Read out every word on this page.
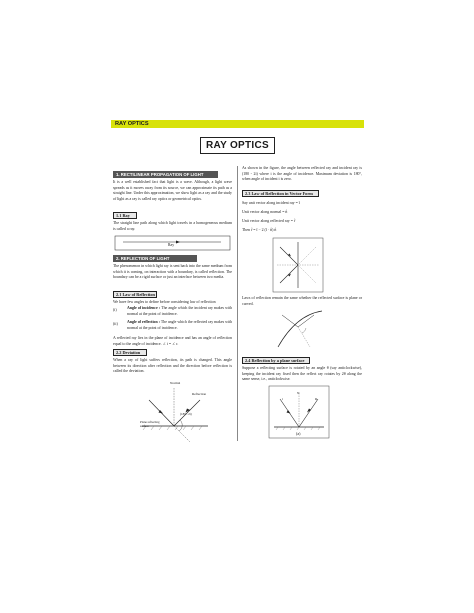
RAY OPTICS
RAY OPTICS
1. RECTILINEAR PROPAGATION OF LIGHT

It is a well established fact that light is a wave. Although, a light wave spreads as it moves away from its source, we can approximate its path as a straight line. Under this approximation, we show light as a ray and the study of light as a ray is called ray optics or geometrical optics.

1.1 Ray

The straight line path along which light travels in a homogeneous medium is called a ray.

Ray
2. REFLECTION OF LIGHT

The phenomenon in which light ray is sent back into the same medium from which it is coming, on interaction with a boundary, is called reflection. The boundary can be a rigid surface or just an interface between two media.

2.1 Law of Reflection
We have few angles to define before considering law of reflection
(i)	Angle of incidence : The angle which the incident ray makes with normal at the point of incidence.

(ii) Angle of reflection : The angle which the reflected ray makes with normal at the point of incidence.

A reflected ray lies in the plane of incidence and has an angle of reflection equal to the angle of incidence. ∠ i = ∠ r.

2.2 Deviation

When a ray of light suffers reflection, its path is changed. This angle between its direction after reflection and the direction before reflection is called the deviation.

Normal
Reflection
(180 - 2i)
Plane reflecting surface

As shown in the figure, the angle between reflected ray and incident ray is (180 - 2i) where i is the angle of incidence. Maximum deviation is 180°, when angle of incident i is zero.

2.3 Law of Reflection in Vector Form
Say unit vector along incident ray = î
Unit vector along normal = n̂
Unit vector along reflected ray = r̂
Then r̂ = î − 2 (î · n̂) n̂

Laws of reflection remain the same whether the reflected surface is plane or curved.

2.4 Reflection by a plane surface

Suppose a reflecting surface is rotated by an angle θ (say anticlockwise), keeping the incident ray fixed then the reflect ray rotates by 2θ along the same sense, i.e., anticlockwise.

N
i	R
(a)
